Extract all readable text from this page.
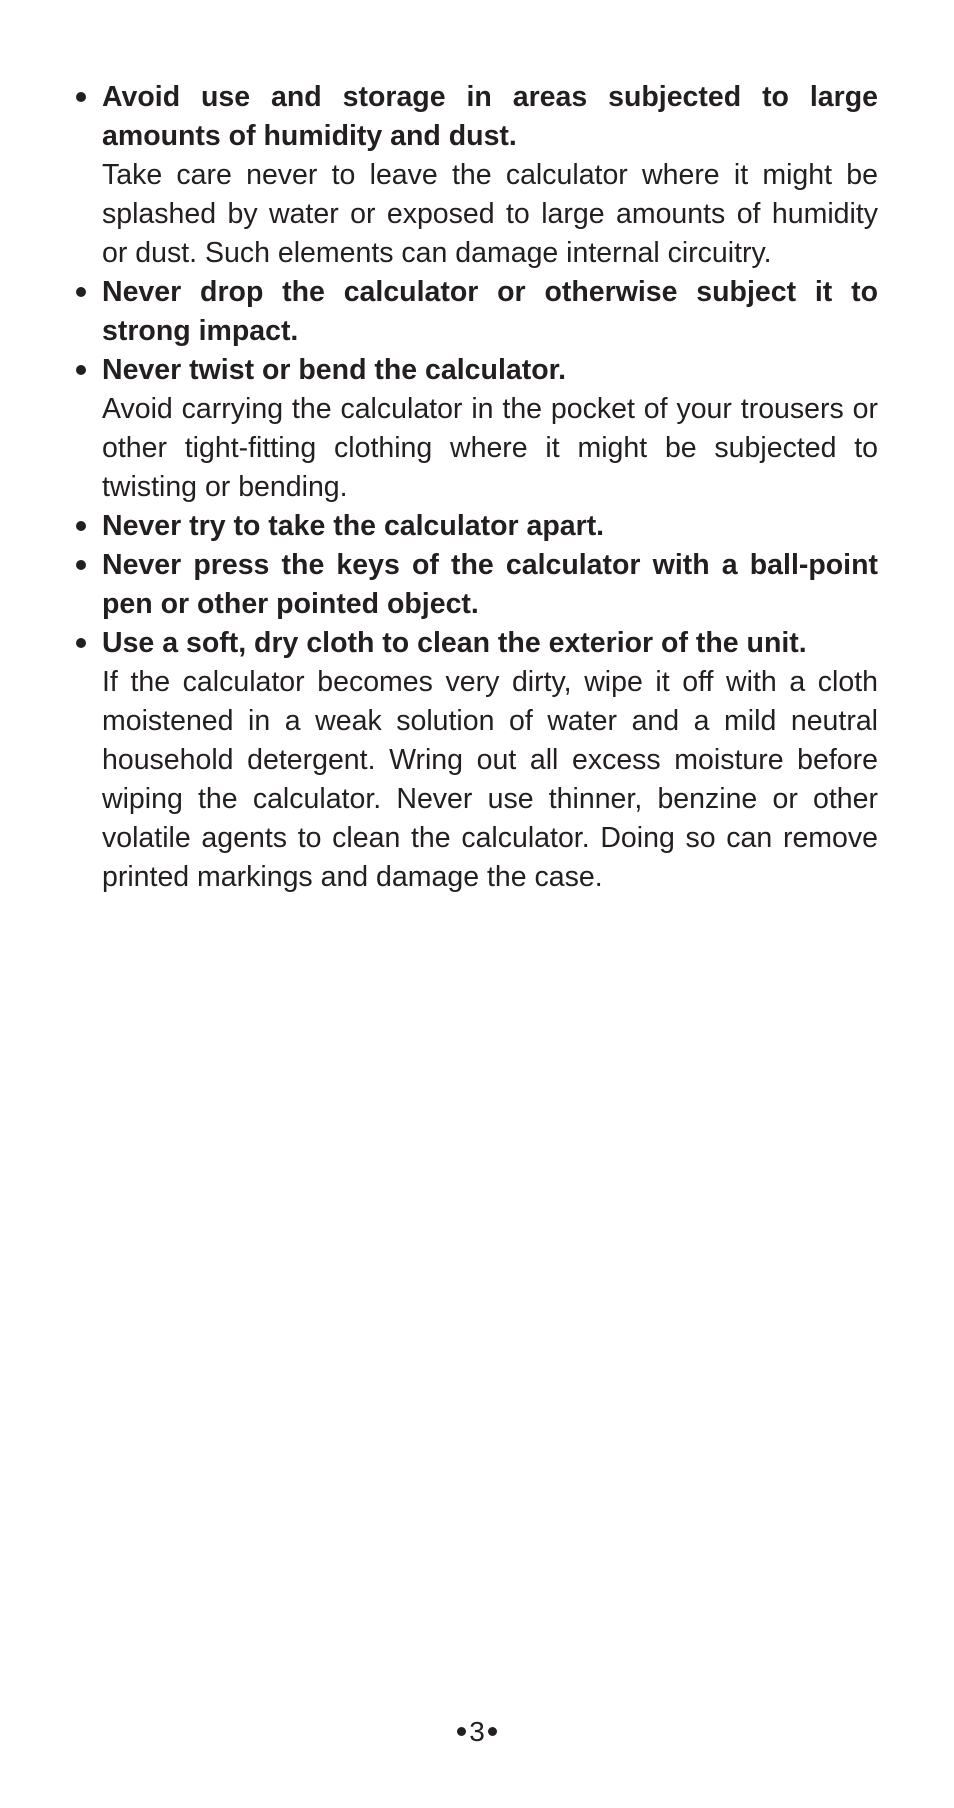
Avoid use and storage in areas subjected to large amounts of humidity and dust.
Take care never to leave the calculator where it might be splashed by water or exposed to large amounts of humidity or dust. Such elements can damage internal circuitry.
Never drop the calculator or otherwise subject it to strong impact.
Never twist or bend the calculator.
Avoid carrying the calculator in the pocket of your trousers or other tight-fitting clothing where it might be subjected to twisting or bending.
Never try to take the calculator apart.
Never press the keys of the calculator with a ball-point pen or other pointed object.
Use a soft, dry cloth to clean the exterior of the unit.
If the calculator becomes very dirty, wipe it off with a cloth moistened in a weak solution of water and a mild neutral household detergent. Wring out all excess moisture before wiping the calculator. Never use thinner, benzine or other volatile agents to clean the calculator. Doing so can remove printed markings and damage the case.
3
